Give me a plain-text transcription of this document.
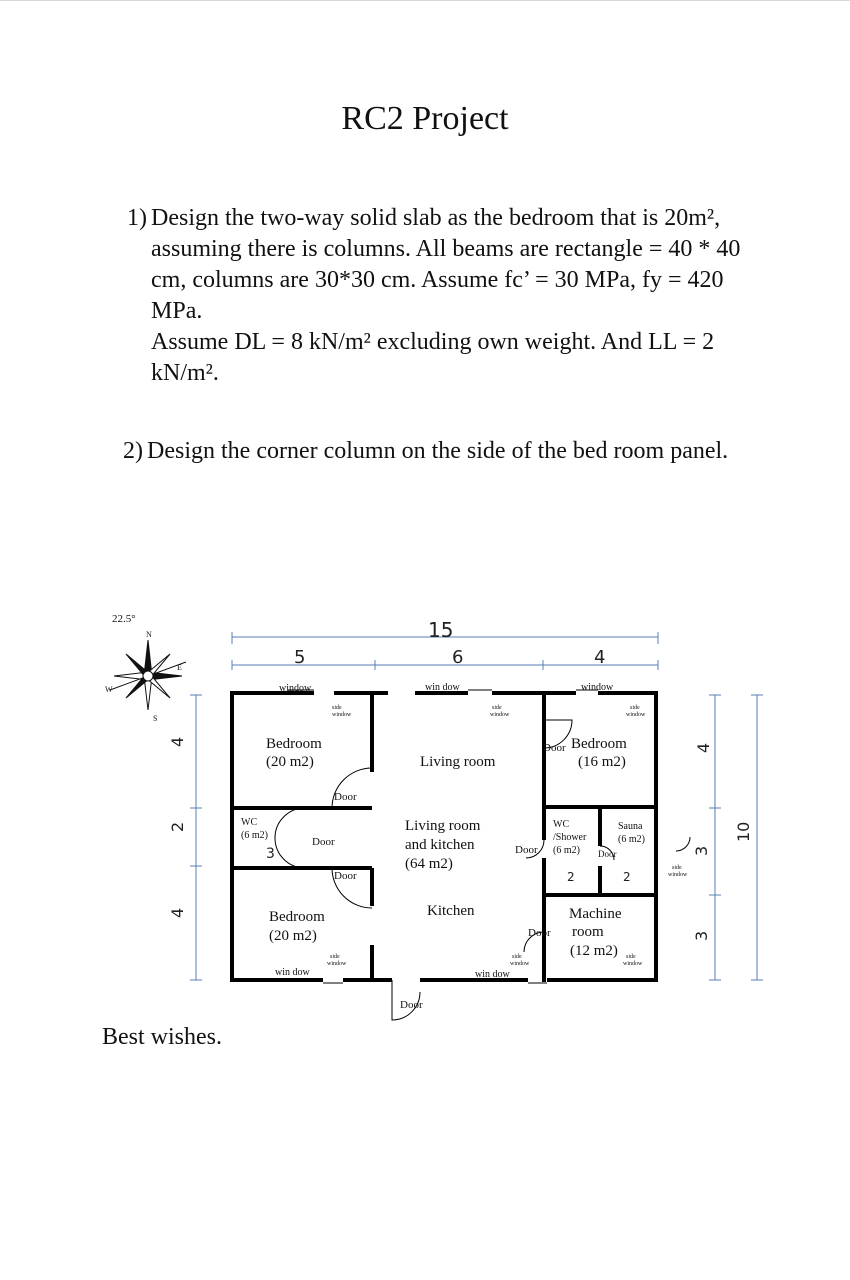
RC2 Project
1) Design the two-way solid slab as the bedroom that is 20m², assuming there is columns. All beams are rectangle = 40 * 40 cm, columns are 30*30 cm. Assume fc’ = 30 MPa, fy = 420 MPa.
Assume DL = 8 kN/m² excluding own weight. And LL = 2 kN/m².
2) Design the corner column on the side of the bed room panel.
Best wishes.
22.5°
N
E
S
W
15
5	6	4
4
2
4
4
3
3
10
window	win dow	window
win dow	win dow
side
window
side
window
side
window
side
window
side
window
side
window
side
window
Door
Door
Door
Door
Door	Door
Door
Door
Bedroom
(20 m2)	Living room
Bedroom
(16 m2)
WC
(6 m2)
3
Living room
and kitchen
(64 m2)
WC
/Shower
(6 m2)
Sauna
(6 m2)
2	2
Kitchen
Bedroom
(20 m2)
Machine
room
(12 m2)
